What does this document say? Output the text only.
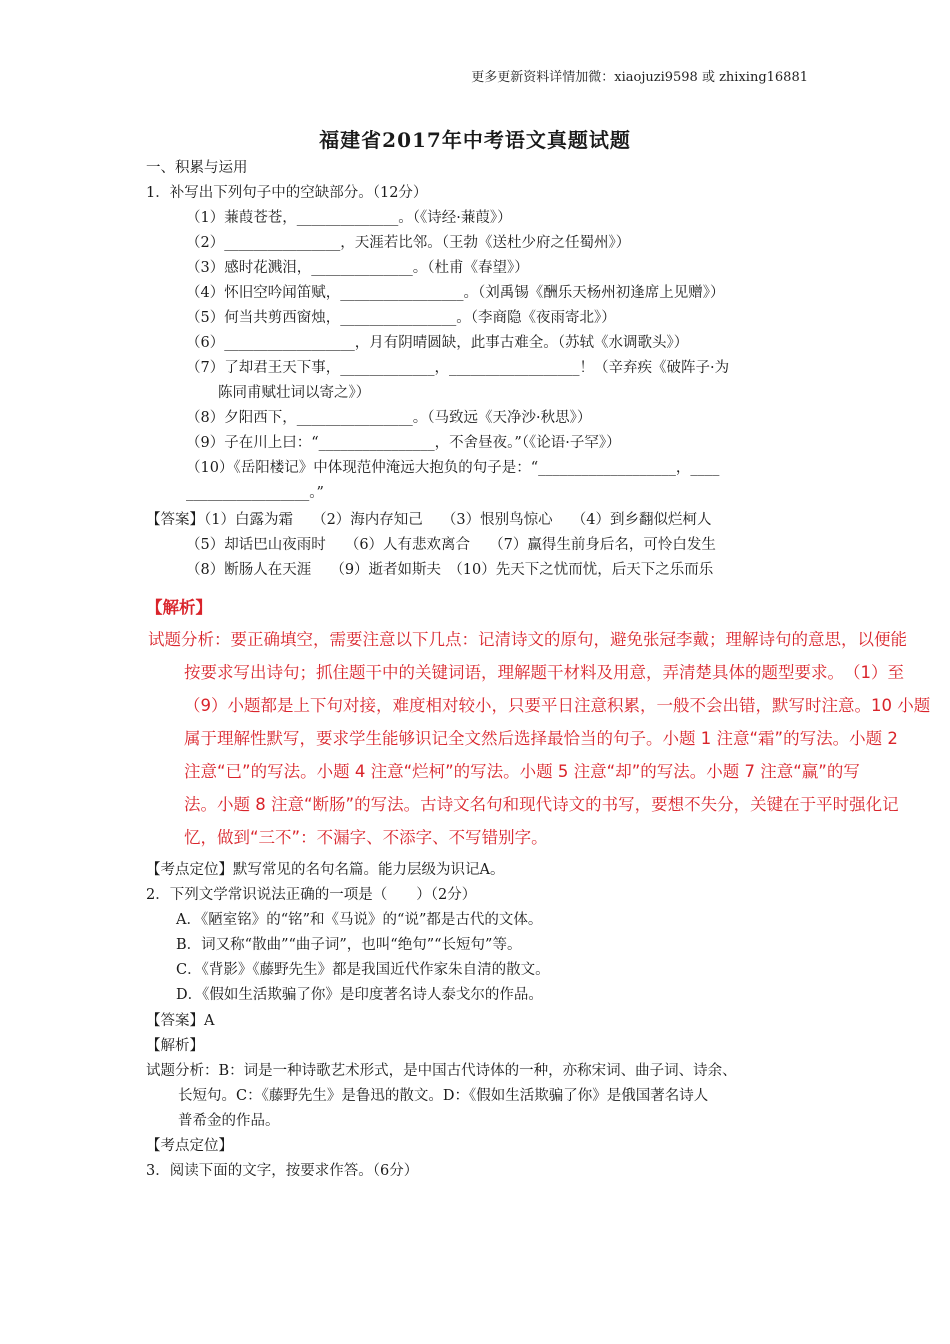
更多更新资料详情加微：xiaojuzi9598 或 zhixing16881
福建省2017年中考语文真题试题
一、积累与运用
1．补写出下列句子中的空缺部分。（12分）
（1）蒹葭苍苍，______________。（《诗经·蒹葭》）
（2）________________，天涯若比邻。（王勃《送杜少府之任蜀州》）
（3）感时花溅泪，______________。（杜甫《春望》）
（4）怀旧空吟闻笛赋，_________________。（刘禹锡《酬乐天杨州初逢席上见赠》）
（5）何当共剪西窗烛，________________。（李商隐《夜雨寄北》）
（6）__________________，月有阴晴圆缺，此事古难全。（苏轼《水调歌头》）
（7）了却君王天下事，_____________，__________________！（辛弃疾《破阵子·为
陈同甫赋壮词以寄之》）
（8）夕阳西下，________________。（马致远《天净沙·秋思》）
（9）子在川上曰：“________________，不舍昼夜。”（《论语·子罕》）
（10）《岳阳楼记》中体现范仲淹远大抱负的句子是：“___________________，____
_________________。”
【答案】（1）白露为霜　 （2）海内存知己　 （3）恨别鸟惊心　 （4）到乡翻似烂柯人
（5）却话巴山夜雨时　 （6）人有悲欢离合　 （7）赢得生前身后名，可怜白发生
（8）断肠人在天涯　 （9）逝者如斯夫　（10）先天下之忧而忧，后天下之乐而乐
【解析】
试题分析：要正确填空，需要注意以下几点：记清诗文的原句，避免张冠李戴；理解诗句的意思，以便能
按要求写出诗句；抓住题干中的关键词语，理解题干材料及用意，弄清楚具体的题型要求。　（1）至
（9）小题都是上下句对接，难度相对较小，只要平日注意积累，一般不会出错，默写时注意。10 小题
属于理解性默写，要求学生能够识记全文然后选择最恰当的句子。小题 1 注意“霜”的写法。小题 2
注意“已”的写法。小题 4 注意“烂柯”的写法。小题 5 注意“却”的写法。小题 7 注意“赢”的写
法。小题 8 注意“断肠”的写法。古诗文名句和现代诗文的书写，要想不失分，关键在于平时强化记
忆，做到“三不”：不漏字、不添字、不写错别字。
【考点定位】默写常见的名句名篇。能力层级为识记A。
2．下列文学常识说法正确的一项是（　　）（2分）
A．《陋室铭》的“铭”和《马说》的“说”都是古代的文体。
B．词又称“散曲”“曲子词”，也叫“绝句”“长短句”等。
C．《背影》《藤野先生》都是我国近代作家朱自清的散文。
D．《假如生活欺骗了你》是印度著名诗人泰戈尔的作品。
【答案】A
【解析】
试题分析：B：词是一种诗歌艺术形式，是中国古代诗体的一种，亦称宋词、曲子词、诗余、
长短句。C：《藤野先生》是鲁迅的散文。D：《假如生活欺骗了你》是俄国著名诗人
普希金的作品。
【考点定位】
3．阅读下面的文字，按要求作答。（6分）
